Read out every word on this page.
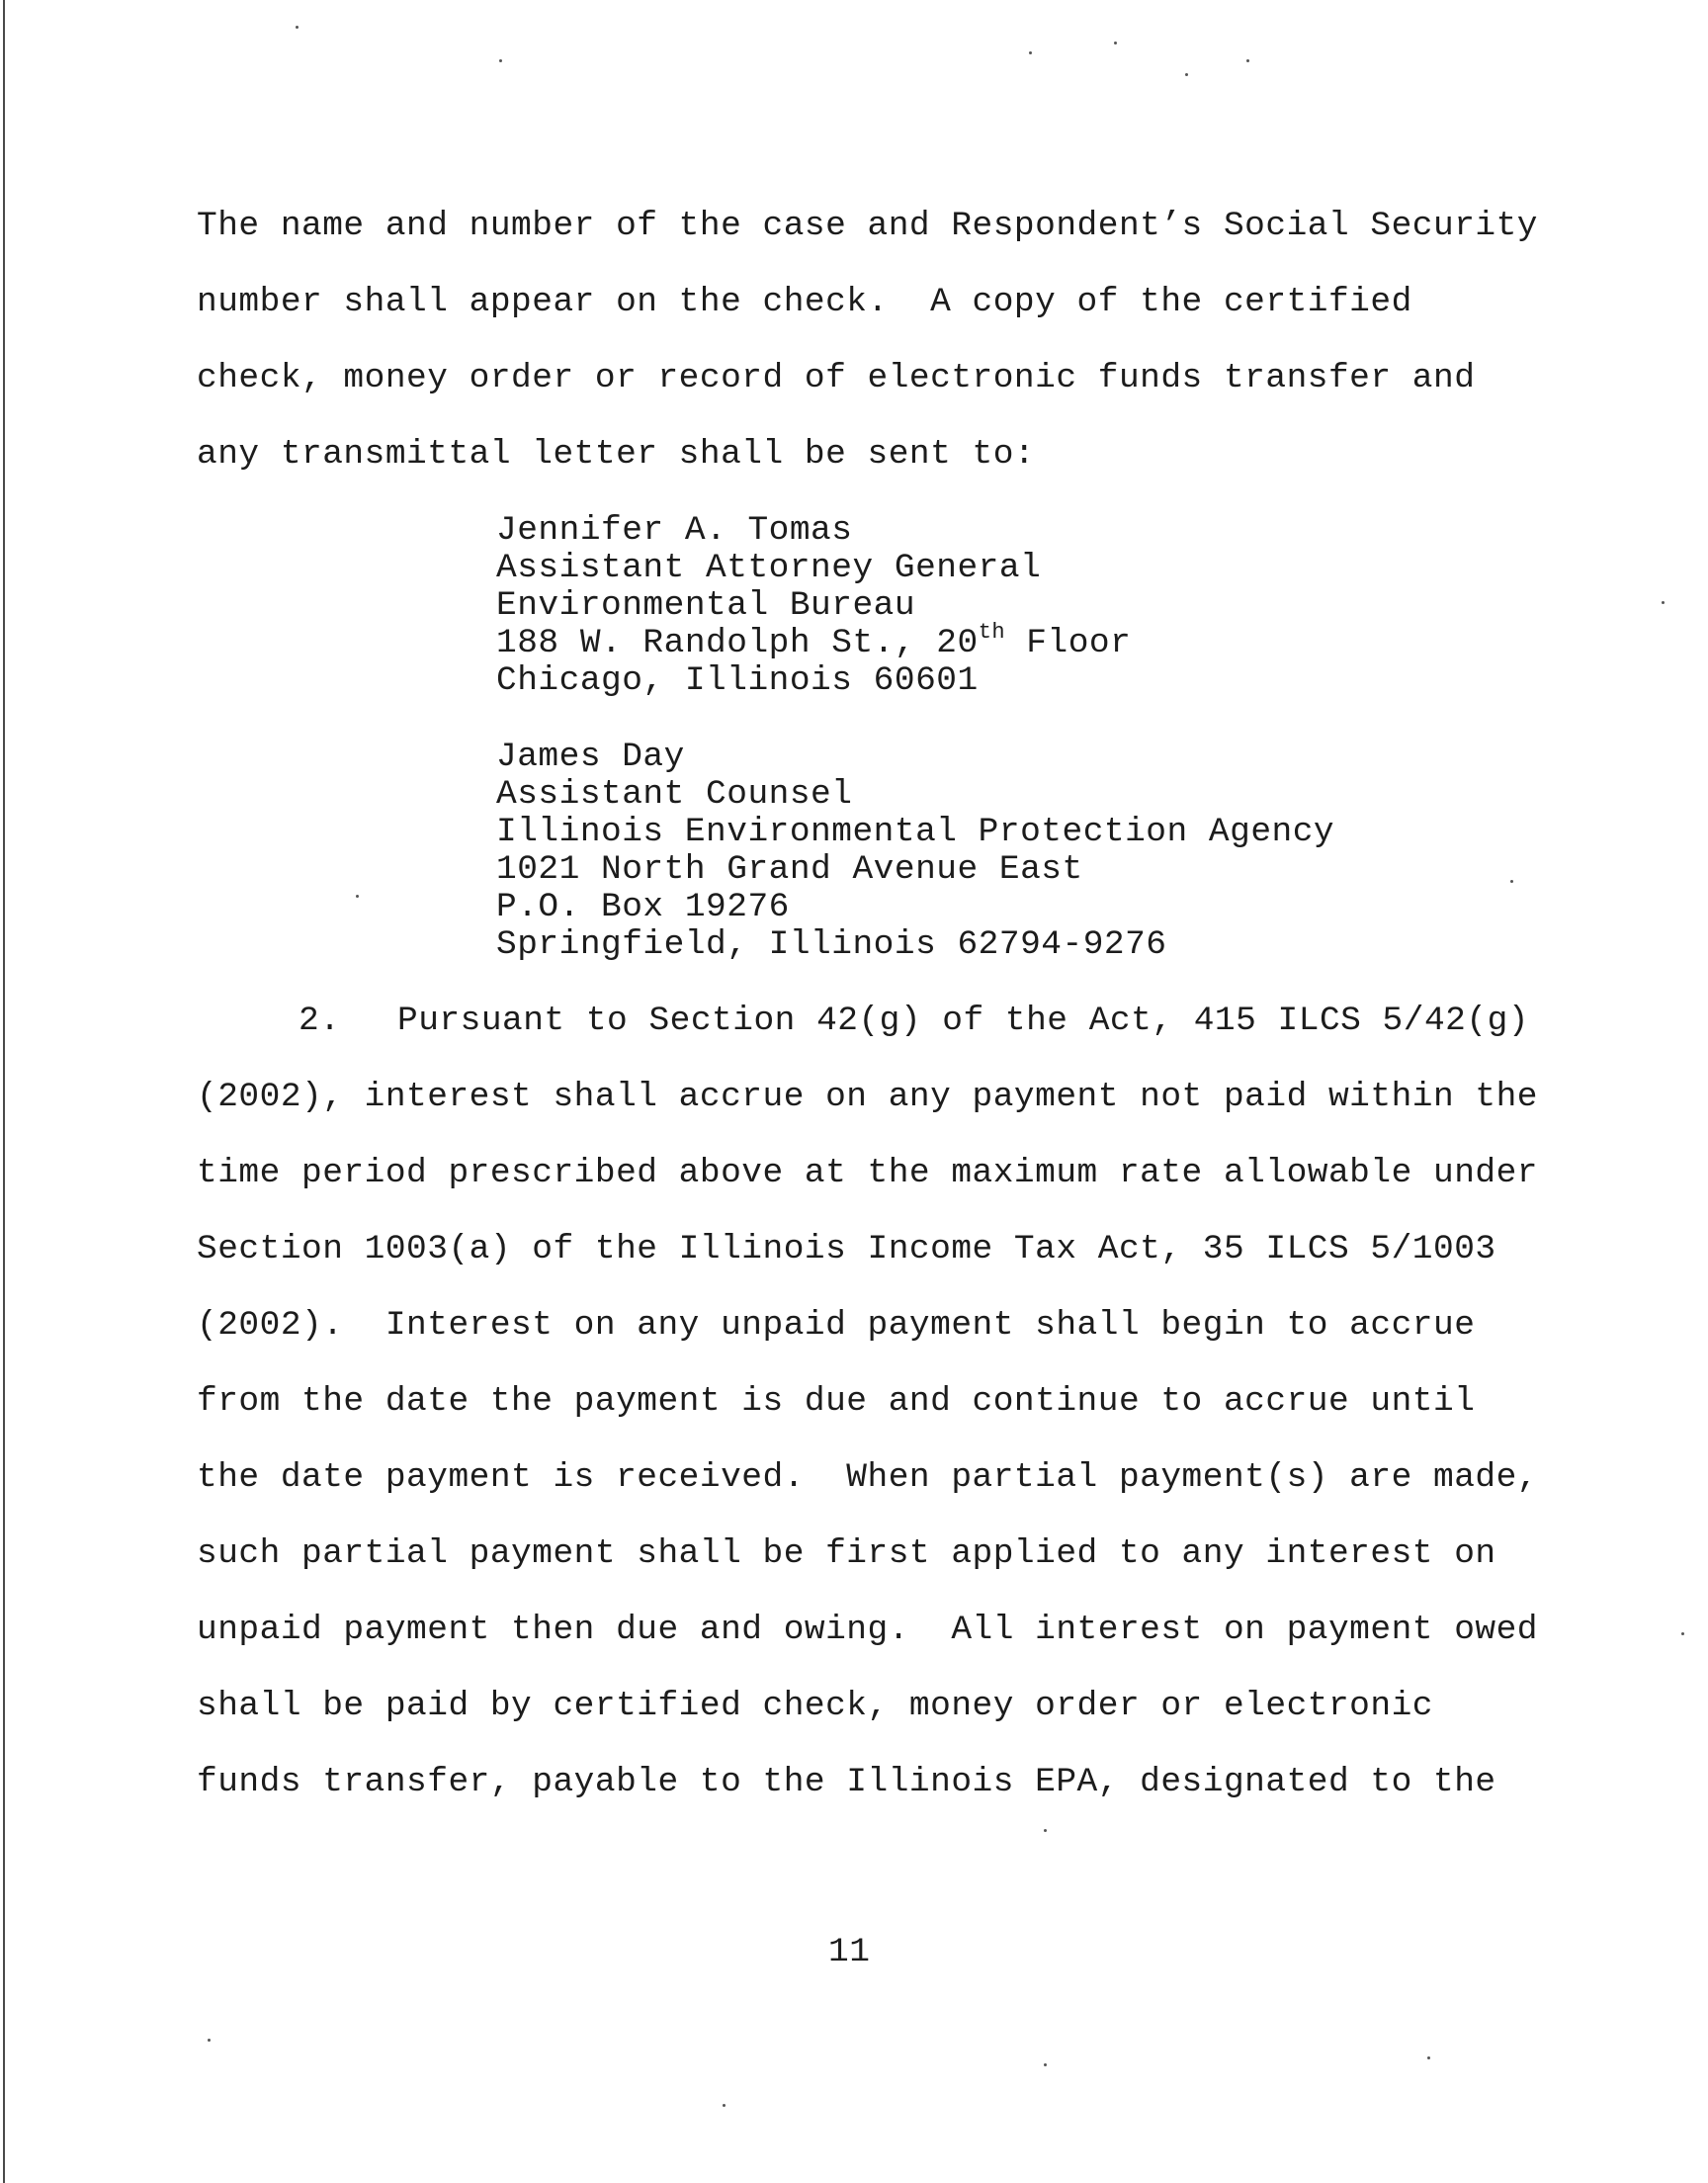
The name and number of the case and Respondent’s Social Security
number shall appear on the check.  A copy of the certified
check, money order or record of electronic funds transfer and
any transmittal letter shall be sent to:
Jennifer A. Tomas
Assistant Attorney General
Environmental Bureau
188 W. Randolph St., 20th Floor
Chicago, Illinois 60601
James Day
Assistant Counsel
Illinois Environmental Protection Agency
1021 North Grand Avenue East
P.O. Box 19276
Springfield, Illinois 62794-9276
2. Pursuant to Section 42(g) of the Act, 415 ILCS 5/42(g)
(2002), interest shall accrue on any payment not paid within the
time period prescribed above at the maximum rate allowable under
Section 1003(a) of the Illinois Income Tax Act, 35 ILCS 5/1003
(2002).  Interest on any unpaid payment shall begin to accrue
from the date the payment is due and continue to accrue until
the date payment is received.  When partial payment(s) are made,
such partial payment shall be first applied to any interest on
unpaid payment then due and owing.  All interest on payment owed
shall be paid by certified check, money order or electronic
funds transfer, payable to the Illinois EPA, designated to the
11
